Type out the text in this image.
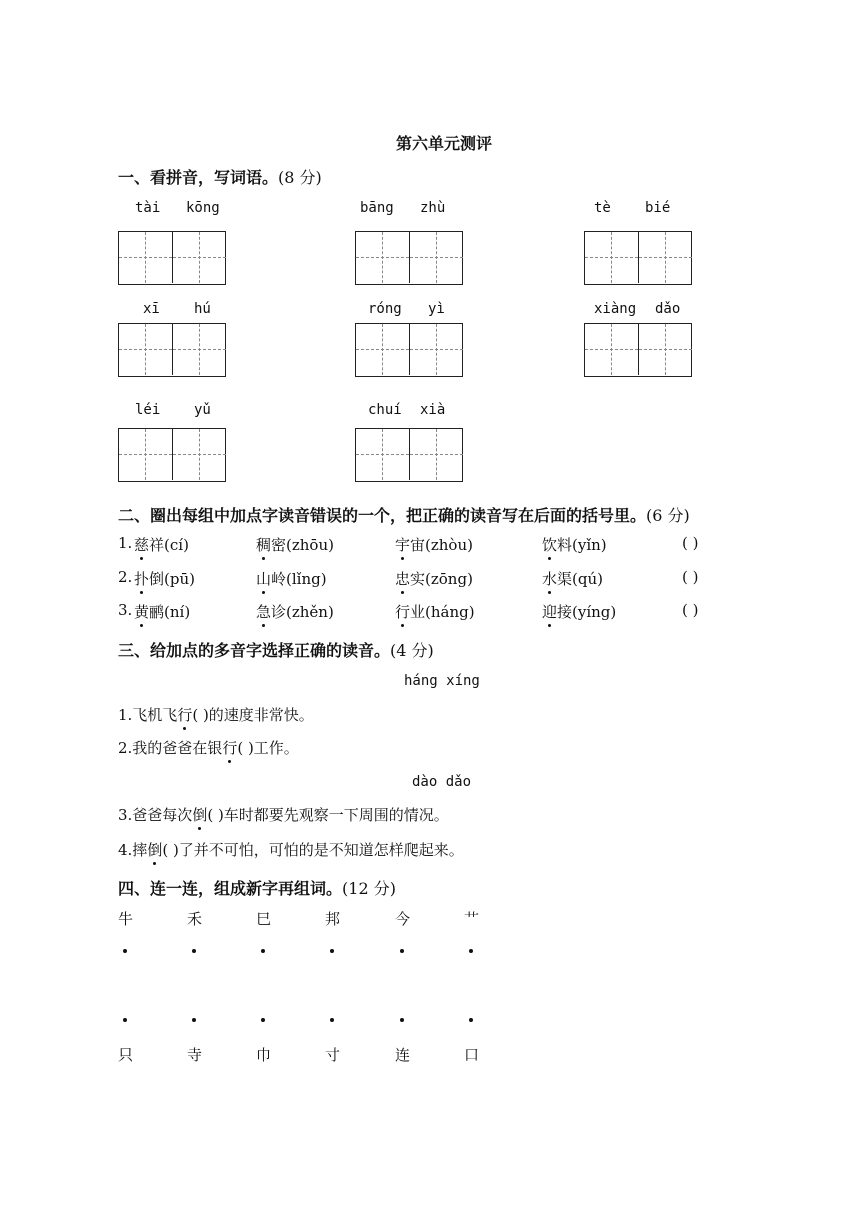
第六单元测评
一、看拼音，写词语。(8 分)
tài kōng	bāng zhù	tè bié
xī hú	róng yì	xiàng dǎo
léi yǔ	chuí xià
二、圈出每组中加点字读音错误的一个，把正确的读音写在后面的括号里。(6 分)
1. 慈祥(cí)	稠密(zhōu)	宇宙(zhòu)	饮料(yǐn)	( )
2. 扑倒(pū)	山岭(lǐng)	忠实(zōng)	水渠(qú)	( )
3. 黄鹂(ní)	急诊(zhěn)	行业(háng)	迎接(yíng)	( )
三、给加点的多音字选择正确的读音。(4 分)
háng xíng
1.飞机飞行( )的速度非常快。
2.我的爸爸在银行( )工作。
dào dǎo
3.爸爸每次倒( )车时都要先观察一下周围的情况。
4.摔倒( )了并不可怕，可怕的是不知道怎样爬起来。
四、连一连，组成新字再组词。(12 分)
牛	禾	巳	邦	今	艹
只	寺	巾	寸	连	口
